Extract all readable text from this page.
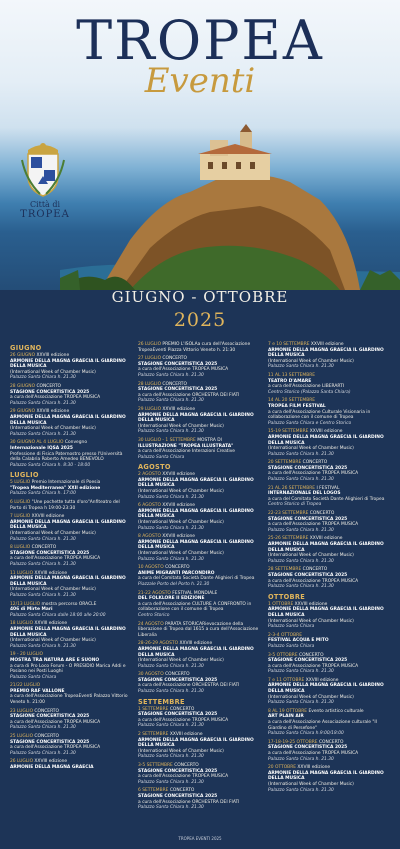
TROPEA
Eventi
Città di
TROPEA
GIUGNO - OTTOBRE
2025
GIUGNO
26 GIUGNO XXVIII edizione
ARMONIE DELLA MAGNA GRAECIA IL GIARDINO DELLA MUSICA
(International Week of Chamber Music)
Palazzo Santa Chiara h. 21.30
28 GIUGNO CONCERTO
STAGIONE CONCERTISTICA 2025
a cura dell'Associazione TROPEA MUSICA
Palazzo Santa Chiara h. 21.30
29 GIUGNO XXVIII edizione
ARMONIE DELLA MAGNA GRAECIA IL GIARDINO DELLA MUSICA
(International Week of Chamber Music)
Palazzo Santa Chiara h. 21.30
30 GIUGNO AL 4 LUGLIO Convegno
Internazionale IQSA 2025
Professione di Fisica Paternostro presso l'Università della Calabria Roberto Amedeo BENEVOLO
Palazzo Santa Chiara h. 8:30 - 18:00
LUGLIO
5 LUGLIO Premio Internazionale di Poesia
"Tropea Mediterranea" XXII edizione
Palazzo Santa Chiara h. 17:00
6 LUGLIO "Une pochette tutta d'oro"Anfiteatro del Porto di Tropea h 19:00-23:30
7 LUGLIO XXVIII edizione
ARMONIE DELLA MAGNA GRAECIA IL GIARDINO DELLA MUSICA
(International Week of Chamber Music)
Palazzo Santa Chiara h. 21.30
8 LUGLIO CONCERTO
STAGIONE CONCERTISTICA 2025
a cura dell'Associazione TROPEA MUSICA
Palazzo Santa Chiara h. 21.30
11 LUGLIO XXVIII edizione
ARMONIE DELLA MAGNA GRAECIA IL GIARDINO DELLA MUSICA
(International Week of Chamber Music)
Palazzo Santa Chiara h. 21.30
12/13 LUGLIO mostra percorso ORACLE
406 di Mirte Mari
Palazzo Santa Chiara dalle 18:00 alle 20:00
18 LUGLIO XXVIII edizione
ARMONIE DELLA MAGNA GRAECIA IL GIARDINO DELLA MUSICA
(International Week of Chamber Music)
Palazzo Santa Chiara h. 21.30
19 - 20 LUGLIO
MOSTRA TRA NATURA ARE E SUONO
a cura di Pro Loco Forum - O PRESIDIO Marica Addi e Posiano nei Posti Luoghi
Palazzo Santa Chiara
21/22 LUGLIO
PREMIO RAF VALLONE
a cura dell'Associazione TropeaEventi Palazzo Vittorio Veneto h. 21:00
23 LUGLIO CONCERTO
STAGIONE CONCERTISTICA 2025
a cura dell'Associazione TROPEA MUSICA
Palazzo Santa Chiara h. 21.30
25 LUGLIO CONCERTO
STAGIONE CONCERTISTICA 2025
a cura dell'Associazione TROPEA MUSICA
Palazzo Santa Chiara h. 21.30
26 LUGLIO XXVIII edizione
ARMONIE DELLA MAGNA GRAECIA
26 LUGLIO PREMIO L'ISOLAa cura dell'Associazione TropeaEventi Piazza Vittorio Veneto h. 21:30
27 LUGLIO CONCERTO
STAGIONE CONCERTISTICA 2025
a cura dell'Associazione TROPEA MUSICA
Palazzo Santa Chiara h. 21.30
28 LUGLIO CONCERTO
STAGIONE CONCERTISTICA 2025
a cura dell'Associazione ORCHESTRA DEI FIATI
Palazzo Santa Chiara h. 21.30
29 LUGLIO XXVIII edizione
ARMONIE DELLA MAGNA GRAECIA IL GIARDINO DELLA MUSICA
(International Week of Chamber Music)
Palazzo Santa Chiara h. 21.30
30 LUGLIO - 1 SETTEMBRE MOSTRA DI
ILLUSTRAZIONE "TROPEA ILLUSTRATA"
a cura dell'Associazione Interazioni Creative
Palazzo Santa Chiara
AGOSTO
2 AGOSTO XXVIII edizione
ARMONIE DELLA MAGNA GRAECIA IL GIARDINO DELLA MUSICA
(International Week of Chamber Music)
Palazzo Santa Chiara h. 21.30
6 AGOSTO XXVIII edizione
ARMONIE DELLA MAGNA GRAECIA IL GIARDINO DELLA MUSICA
(International Week of Chamber Music)
Palazzo Santa Chiara h. 21.30
8 AGOSTO XXVIII edizione
ARMONIE DELLA MAGNA GRAECIA IL GIARDINO DELLA MUSICA
(International Week of Chamber Music)
Palazzo Santa Chiara h. 21.30
10 AGOSTO CONCERTO
ANIME MIGRANTI PARCONDIRO
a cura del Comitato Società Dante Alighieri di Tropea
Piazzale Porto del Porto h. 21.30
21-22 AGOSTO FESTIVAL MONDIALE
DEL FOLKLORE II EDIZIONE
a cura dell'Associazione CULTURE A CONFRONTO in collaborazione con il comune di Tropea
Centro Storico
24 AGOSTO PARATA STORICARievocazione della liberazione di Tropea dal 1615 a cura dell'Associazione Liberalia
28-26-29 AGOSTO XXVIII edizione
ARMONIE DELLA MAGNA GRAECIA IL GIARDINO DELLA MUSICA
(International Week of Chamber Music)
Palazzo Santa Chiara h. 21.30
30 AGOSTO CONCERTO
STAGIONE CONCERTISTICA 2025
a cura dell'Associazione ORCHESTRA DEI FIATI
Palazzo Santa Chiara h. 21.30
SETTEMBRE
1 SETTEMBRE CONCERTO
STAGIONE CONCERTISTICA 2025
a cura dell'Associazione TROPEA MUSICA
Palazzo Santa Chiara h. 21.30
2 SETTEMBRE XXVIII edizione
ARMONIE DELLA MAGNA GRAECIA IL GIARDINO DELLA MUSICA
(International Week of Chamber Music)
Palazzo Santa Chiara h. 21.30
3-5 SETTEMBRE CONCERTO
STAGIONE CONCERTISTICA 2025
a cura dell'Associazione TROPEA MUSICA
Palazzo Santa Chiara h. 21.30
6 SETTEMBRE CONCERTO
STAGIONE CONCERTISTICA 2025
a cura dell'Associazione ORCHESTRA DEI FIATI
Palazzo Santa Chiara h. 21.30
7 e 10 SETTEMBRE XXVIII edizione
ARMONIE DELLA MAGNA GRAECIA IL GIARDINO DELLA MUSICA
(International Week of Chamber Music)
Palazzo Santa Chiara h. 21.30
11 AL 13 SETTEMBRE
TEATRO D'AMARE
a cura dell'Associazione LIBERARTI
Centro Storico (Palazzo Santa Chiara)
14 AL 20 SETTEMBRE
TROPEA FILM FESTIVAL
a cura dell'Associazione Culturale Visionaria in collaborazione con il comune di Tropea
Palazzo Santa Chiara e Centro Storico
15-19 SETTEMBRE XXVIII edizione
ARMONIE DELLA MAGNA GRAECIA IL GIARDINO DELLA MUSICA
(International Week of Chamber Music)
Palazzo Santa Chiara h. 21.30
20 SETTEMBRE CONCERTO
STAGIONE CONCERTISTICA 2025
a cura dell'Associazione TROPEA MUSICA
Palazzo Santa Chiara h. 21.30
21 AL 26 SETTEMBRE I FESTIVAL
INTERNAZIONALE DEL LOGOS
a cura del Comitato Società Dante Alighieri di Tropea
Centro Storico di Tropea
22-23 SETTEMBRE CONCERTO
STAGIONE CONCERTISTICA 2025
a cura dell'Associazione TROPEA MUSICA
Palazzo Santa Chiara h. 21.30
25-26 SETTEMBRE XXVIII edizione
ARMONIE DELLA MAGNA GRAECIA IL GIARDINO DELLA MUSICA
(International Week of Chamber Music)
Palazzo Santa Chiara h. 21.30
28 SETTEMBRE CONCERTO
STAGIONE CONCERTISTICA 2025
a cura dell'Associazione TROPEA MUSICA
Palazzo Santa Chiara h. 21.30
OTTOBRE
1 OTTOBRE XXVIII edizione
ARMONIE DELLA MAGNA GRAECIA IL GIARDINO DELLA MUSICA
(International Week of Chamber Music)
Palazzo Santa Chiara
2-3-4 OTTOBRE
FESTIVAL ACQUA E MITO
Palazzo Santa Chiara
3-5 OTTOBRE CONCERTO
STAGIONE CONCERTISTICA 2025
a cura dell'Associazione TROPEA MUSICA
Palazzo Santa Chiara h. 21.30
7 e 11 OTTOBRE XXVIII edizione
ARMONIE DELLA MAGNA GRAECIA IL GIARDINO DELLA MUSICA
(International Week of Chamber Music)
Palazzo Santa Chiara h. 21.30
8 AL 19 OTTOBRE Evento artistico culturale
ART PLAIN AIR
a cura dell'Associazione Associazione culturale "Il Giardino di Persefone"
Palazzo Santa Chiara h.9:00/18:00
17-18-19-25 OTTOBRE CONCERTO
STAGIONE CONCERTISTICA 2025
a cura dell'Associazione TROPEA MUSICA
Palazzo Santa Chiara h. 21.30
20 OTTOBRE XXVIII edizione
ARMONIE DELLA MAGNA GRAECIA IL GIARDINO DELLA MUSICA
(International Week of Chamber Music)
Palazzo Santa Chiara h. 21.30
TROPEA EVENTI 2025
